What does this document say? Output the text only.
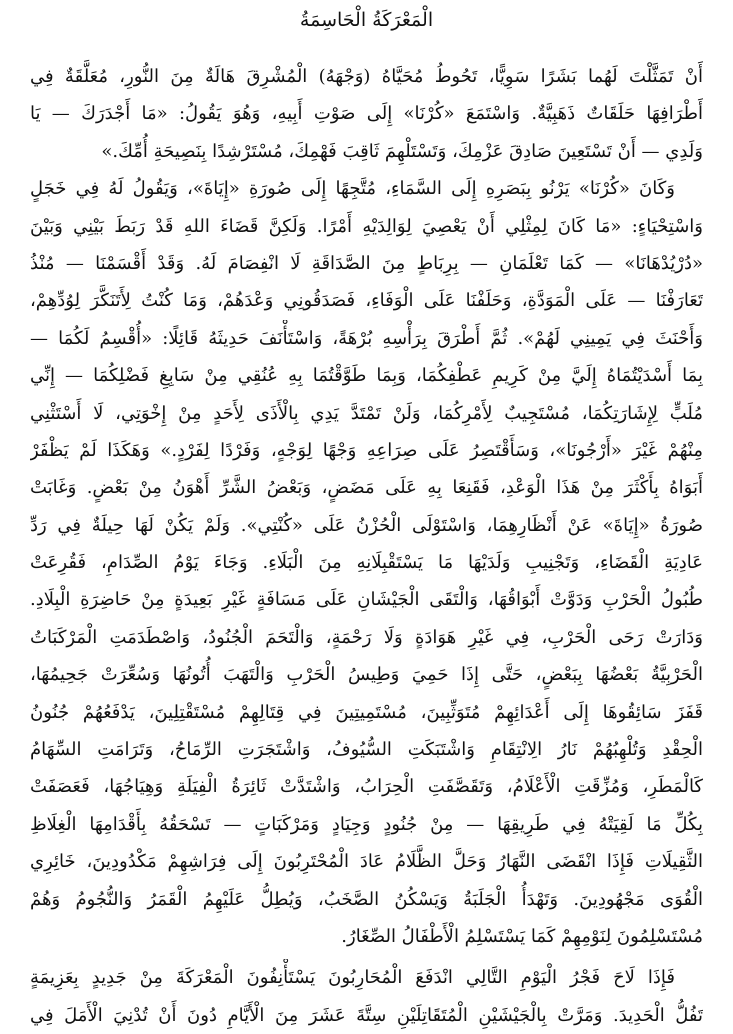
الْمَعْرَكَةُ الْحَاسِمَةُ
أَنْ تَمَثَّلْتَ لَهُما بَشَرًا سَوِيًّا، تَحُوطُ مُحَيَّاهُ (وَجْهَهُ) الْمُشْرِقَ هَالَةٌ مِنَ النُّورِ، مُعَلَّقَةٌ فِي
أَطْرَافِهَا حَلَقَاتٌ ذَهَبِيَّةٌ. وَاسْتَمَعَ «كُرْنَا» إِلَى صَوْتِ أَبِيهِ، وَهُوَ يَقُولُ: «مَا أَجْدَرَكَ — يَا
وَلَدِي — أَنْ تَسْتَعِينَ صَادِقَ عَزْمِكَ، وَتَسْتَلْهِمَ ثَاقِبَ فَهْمِكَ، مُسْتَرْشِدًا بِنَصِيحَةِ أُمِّكَ.»
وَكَانَ «كُرْنَا» يَرْنُو بِبَصَرِهِ إِلَى السَّمَاءِ، مُتَّجِهًا إِلَى صُورَةِ «إِيَاةَ»، وَيَقُولُ لَهُ فِي خَجَلٍ
وَاسْتِحْيَاءٍ: «مَا كَانَ لِمِثْلِي أَنْ يَعْصِيَ لِوَالِدَيْهِ أَمْرًا. وَلَكِنَّ قَضَاءَ اللهِ قَدْ رَبَطَ بَيْنِي وَبَيْنَ
«دُرْيُدْهَانَا» — كَمَا تَعْلَمَانِ — بِرِبَاطٍ مِنَ الصَّدَاقَةِ لَا انْفِصَامَ لَهُ. وَقَدْ أَقْسَمْنَا — مُنْذُ
تَعَارَفْنَا — عَلَى الْمَوَدَّةِ، وَحَلَفْنَا عَلَى الْوَفَاءِ، فَصَدَقُونِي وَعْدَهُمْ، وَمَا كُنْتُ لِأَتَنَكَّرَ لِوُدِّهِمْ،
وَأَحْنَثَ فِي يَمِينِي لَهُمْ». ثُمَّ أَطْرَقَ بِرَأْسِهِ بُرْهَةً، وَاسْتَأْنَفَ حَدِيثَهُ قَائِلًا: «أُقْسِمُ لَكُمَا —
بِمَا أَسْدَيْتُمَاهُ إِلَيَّ مِنْ كَرِيمِ عَطْفِكُمَا، وَبِمَا طَوَّقْتُمَا بِهِ عُنُقِي مِنْ سَابِغِ فَضْلِكُمَا — إِنِّي
مُلَبٍّ لِإِشَارَتِكُمَا، مُسْتَجِيبٌ لِأَمْرِكُمَا، وَلَنْ تَمْتَدَّ يَدِي بِالْأَذَى لِأَحَدٍ مِنْ إِخْوَتِي، لَا أَسْتَثْنِي
مِنْهُمْ غَيْرَ «أَرْجُونَا»، وَسَأَقْتَصِرُ عَلَى صِرَاعِهِ وَجْهًا لِوَجْهٍ، وَفَرْدًا لِفَرْدٍ.» وَهَكَذَا لَمْ يَظْفَرْ
أَبَوَاهُ بِأَكْثَرَ مِنْ هَذَا الْوَعْدِ، فَقَنِعَا بِهِ عَلَى مَضَضٍ، وَبَعْضُ الشَّرِّ أَهْوَنُ مِنْ بَعْضٍ. وَغَابَتْ
صُورَةُ «إِيَاةَ» عَنْ أَنْظَارِهِمَا، وَاسْتَوْلَى الْحُزْنُ عَلَى «كُنْتِي». وَلَمْ يَكُنْ لَهَا حِيلَةٌ فِي رَدِّ
عَادِيَةِ الْقَضَاءِ، وَتَجْنِيبِ وَلَدَيْهَا مَا يَسْتَقْبِلَانِهِ مِنَ الْبَلَاءِ. وَجَاءَ يَوْمُ الصِّدَامِ، فَقُرِعَتْ
طُبُولُ الْحَرْبِ وَدَوَّتْ أَبْوَاقُهَا، وَالْتَقَى الْجَيْشَانِ عَلَى مَسَافَةٍ غَيْرِ بَعِيدَةٍ مِنْ حَاضِرَةِ الْبِلَادِ.
وَدَارَتْ رَحَى الْحَرْبِ، فِي غَيْرِ هَوَادَةٍ وَلَا رَحْمَةٍ، وَالْتَحَمَ الْجُنُودُ، وَاصْطَدَمَتِ الْمَرْكَبَاتُ
الْحَرْبِيَّةُ بَعْضُهَا بِبَعْضٍ، حَتَّى إِذَا حَمِيَ وَطِيسُ الْحَرْبِ وَالْتَهَبَ أُتُونُهَا وَسُعِّرَتْ جَحِيمُهَا،
قَفَزَ سَائِقُوهَا إِلَى أَعْدَائِهِمْ مُتَوَثِّبِينَ، مُسْتَمِيتِينَ فِي قِتَالِهِمْ مُسْتَقْتِلِينَ، يَدْفَعُهُمْ جُنُونُ
الْحِقْدِ وَتُلْهِبُهُمْ نَارُ الِانْتِقَامِ وَاشْتَبَكَتِ السُّيُوفُ، وَاشْتَجَرَتِ الرِّمَاحُ، وَتَرَامَتِ السِّهَامُ
كَالْمَطَرِ، وَمُزِّقَتِ الْأَعْلَامُ، وَتَقَصَّفَتِ الْحِرَابُ، وَاشْتَدَّتْ ثَائِرَةُ الْفِيَلَةِ وَهِيَاجُهَا، فَعَصَفَتْ
بِكُلِّ مَا لَقِيَتْهُ فِي طَرِيقِهَا — مِنْ جُنُودٍ وَجِيَادٍ وَمَرْكَبَاتٍ — تَسْحَقُهُ بِأَقْدَامِهَا الْغِلَاظِ
الثَّقِيلَاتِ فَإِذَا انْقَضَى النَّهَارُ وَحَلَّ الظَّلَامُ عَادَ الْمُحْتَرِبُونَ إِلَى فِرَاشِهِمْ مَكْدُودِينَ، خَائِرِي
الْقُوَى مَجْهُودِينَ. وَتَهْدَأُ الْجَلَبَةُ وَيَسْكُنُ الصَّخَبُ، وَيُطِلُّ عَلَيْهِمُ الْقَمَرُ وَالنُّجُومُ وَهُمْ
مُسْتَسْلِمُونَ لِنَوْمِهِمْ كَمَا يَسْتَسْلِمُ الْأَطْفَالُ الصِّغَارُ.
فَإِذَا لَاحَ فَجْرُ الْيَوْمِ التَّالِي انْدَفَعَ الْمُحَارِبُونَ يَسْتَأْنِفُونَ الْمَعْرَكَةَ مِنْ جَدِيدٍ بِعَزِيمَةٍ
تَفُلُّ الْحَدِيدَ. وَمَرَّتْ بِالْجَيْشَيْنِ الْمُتَقَاتِلَيْنِ سِتَّةَ عَشَرَ مِنَ الْأَيَّامِ دُونَ أَنْ تُدْنِيَ الْأَمَلَ فِي
